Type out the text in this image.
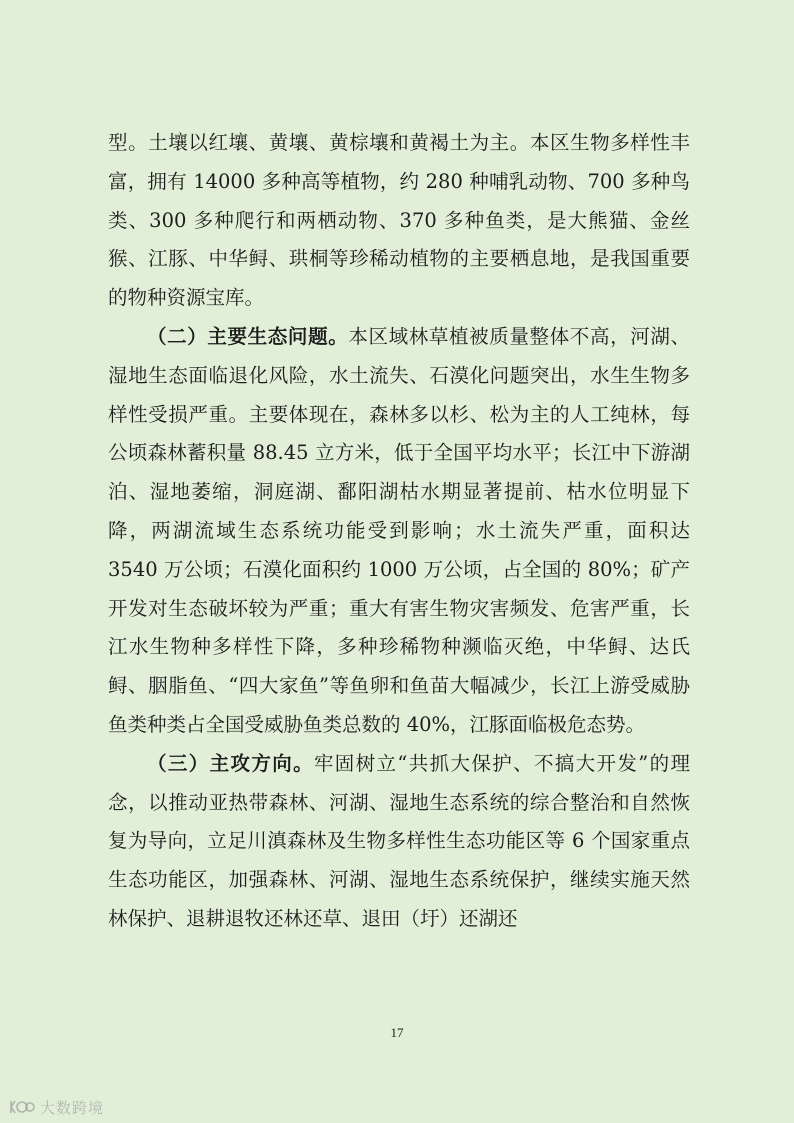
型。土壤以红壤、黄壤、黄棕壤和黄褐土为主。本区生物多样性丰富，拥有 14000 多种高等植物，约 280 种哺乳动物、700 多种鸟类、300 多种爬行和两栖动物、370 多种鱼类，是大熊猫、金丝猴、江豚、中华鲟、珙桐等珍稀动植物的主要栖息地，是我国重要的物种资源宝库。

（二）主要生态问题。本区域林草植被质量整体不高，河湖、湿地生态面临退化风险，水土流失、石漠化问题突出，水生生物多样性受损严重。主要体现在，森林多以杉、松为主的人工纯林，每公顷森林蓄积量 88.45 立方米，低于全国平均水平；长江中下游湖泊、湿地萎缩，洞庭湖、鄱阳湖枯水期显著提前、枯水位明显下降，两湖流域生态系统功能受到影响；水土流失严重，面积达 3540 万公顷；石漠化面积约 1000 万公顷，占全国的 80%；矿产开发对生态破坏较为严重；重大有害生物灾害频发、危害严重，长江水生物种多样性下降，多种珍稀物种濒临灭绝，中华鲟、达氏鲟、胭脂鱼、“四大家鱼”等鱼卵和鱼苗大幅减少，长江上游受威胁鱼类种类占全国受威胁鱼类总数的 40%，江豚面临极危态势。

（三）主攻方向。牢固树立“共抓大保护、不搞大开发”的理念，以推动亚热带森林、河湖、湿地生态系统的综合整治和自然恢复为导向，立足川滇森林及生物多样性生态功能区等 6 个国家重点生态功能区，加强森林、河湖、湿地生态系统保护，继续实施天然林保护、退耕退牧还林还草、退田（圩）还湖还

17
大数跨境
